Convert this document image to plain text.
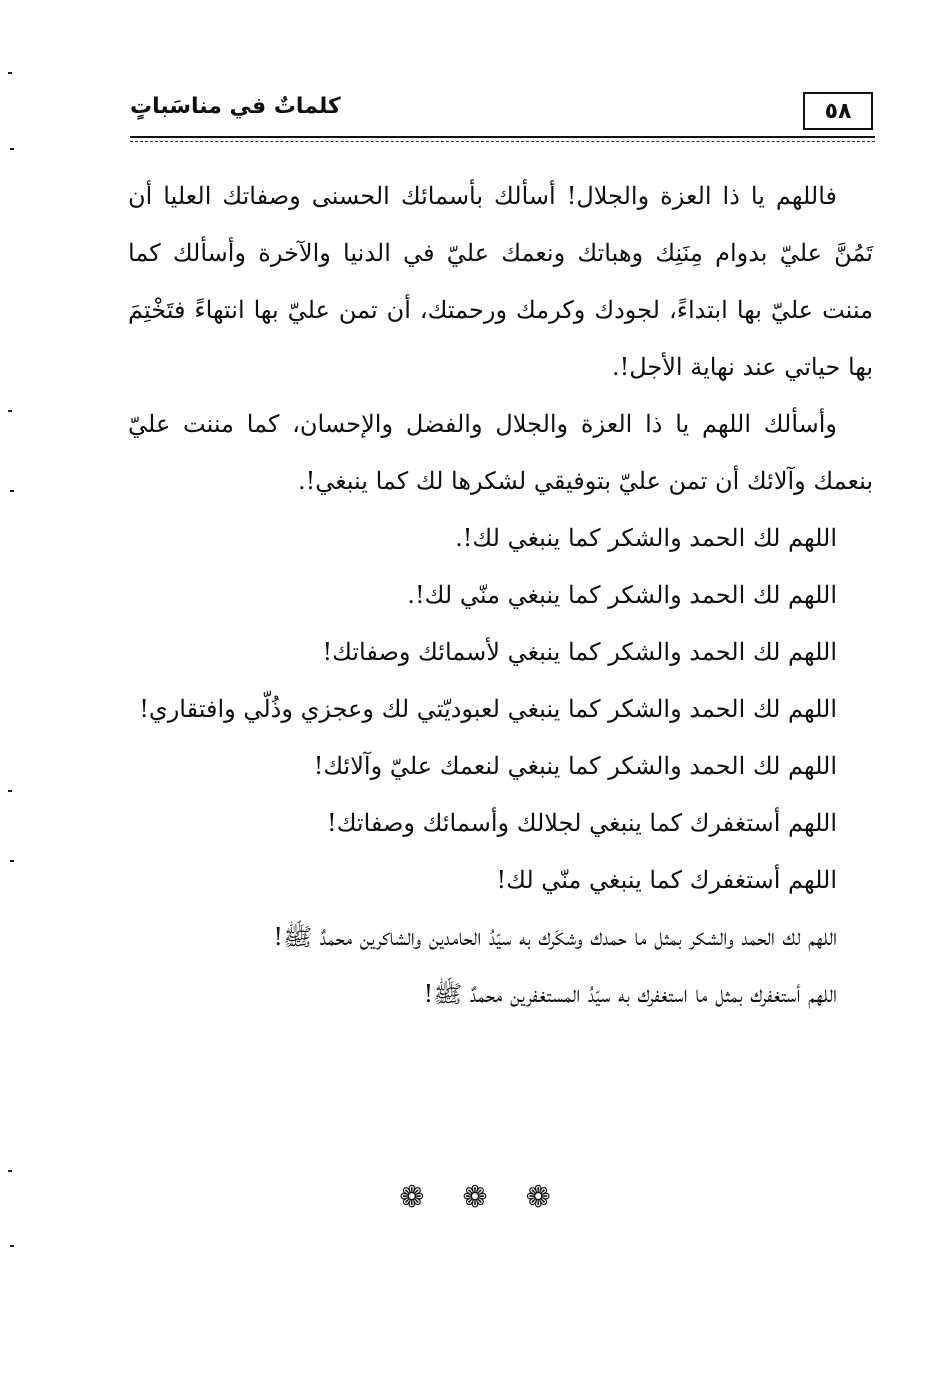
٥٨
كلماتٌ في مناسَباتٍ

فاللهم يا ذا العزة والجلال! أسألك بأسمائك الحسنى وصفاتك العليا أن تَمُنَّ عليّ بدوام مِنَنِك وهباتك ونعمك عليّ في الدنيا والآخرة وأسألك كما مننت عليّ بها ابتداءً، لجودك وكرمك ورحمتك، أن تمن عليّ بها انتهاءً فتَخْتِمَ بها حياتي عند نهاية الأجل!.

وأسألك اللهم يا ذا العزة والجلال والفضل والإحسان، كما مننت عليّ بنعمك وآلائك أن تمن عليّ بتوفيقي لشكرها لك كما ينبغي!.

اللهم لك الحمد والشكر كما ينبغي لك!.

اللهم لك الحمد والشكر كما ينبغي منّي لك!.

اللهم لك الحمد والشكر كما ينبغي لأسمائك وصفاتك!

اللهم لك الحمد والشكر كما ينبغي لعبوديّتي لك وعجزي وذُلّي وافتقاري!

اللهم لك الحمد والشكر كما ينبغي لنعمك عليّ وآلائك!

اللهم أستغفرك كما ينبغي لجلالك وأسمائك وصفاتك!

اللهم أستغفرك كما ينبغي منّي لك!

اللهم لك الحمد والشكر بمثل ما حمدك وشكَرك به سيّدُ الحامدين والشاكرين محمدٌ ﷺ!

اللهم أستغفرك بمثل ما استغفرك به سيّدُ المستغفرين محمدٌ ﷺ!

❁ ❁ ❁
